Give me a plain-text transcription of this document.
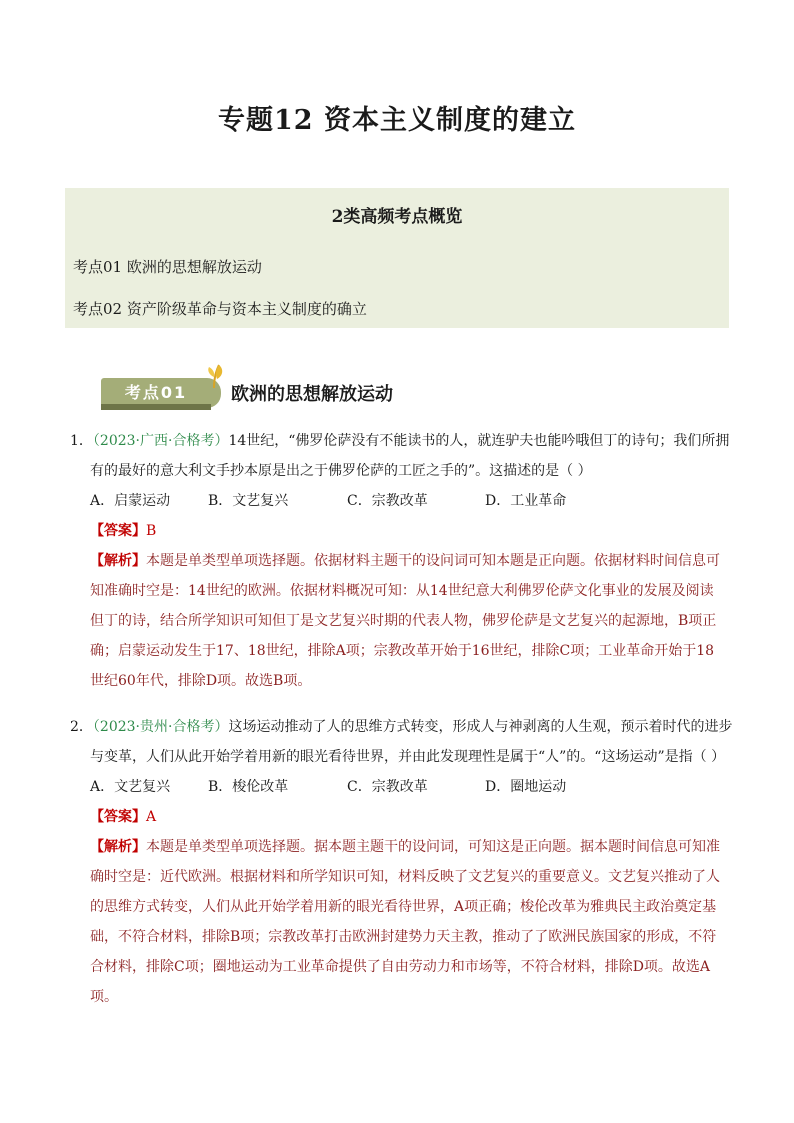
专题12 资本主义制度的建立
2类高频考点概览
考点01 欧洲的思想解放运动
考点02 资产阶级革命与资本主义制度的确立
考点01	欧洲的思想解放运动
1．（2023·广西·合格考）14世纪，“佛罗伦萨没有不能读书的人，就连驴夫也能吟哦但丁的诗句；我们所拥
有的最好的意大利文手抄本原是出之于佛罗伦萨的工匠之手的”。这描述的是（ ）
A．启蒙运动	B．文艺复兴	C．宗教改革	D．工业革命
【答案】B
【解析】本题是单类型单项选择题。依据材料主题干的设问词可知本题是正向题。依据材料时间信息可
知准确时空是：14世纪的欧洲。依据材料概况可知：从14世纪意大利佛罗伦萨文化事业的发展及阅读
但丁的诗，结合所学知识可知但丁是文艺复兴时期的代表人物，佛罗伦萨是文艺复兴的起源地，B项正
确；启蒙运动发生于17、18世纪，排除A项；宗教改革开始于16世纪，排除C项；工业革命开始于18
世纪60年代，排除D项。故选B项。
2．（2023·贵州·合格考）这场运动推动了人的思维方式转变，形成人与神剥离的人生观，预示着时代的进步
与变革，人们从此开始学着用新的眼光看待世界，并由此发现理性是属于“人”的。“这场运动”是指（ ）
A．文艺复兴	B．梭伦改革	C．宗教改革	D．圈地运动
【答案】A
【解析】本题是单类型单项选择题。据本题主题干的设问词，可知这是正向题。据本题时间信息可知准
确时空是：近代欧洲。根据材料和所学知识可知，材料反映了文艺复兴的重要意义。文艺复兴推动了人
的思维方式转变，人们从此开始学着用新的眼光看待世界，A项正确；梭伦改革为雅典民主政治奠定基
础，不符合材料，排除B项；宗教改革打击欧洲封建势力天主教，推动了了欧洲民族国家的形成，不符
合材料，排除C项；圈地运动为工业革命提供了自由劳动力和市场等，不符合材料，排除D项。故选A
项。
